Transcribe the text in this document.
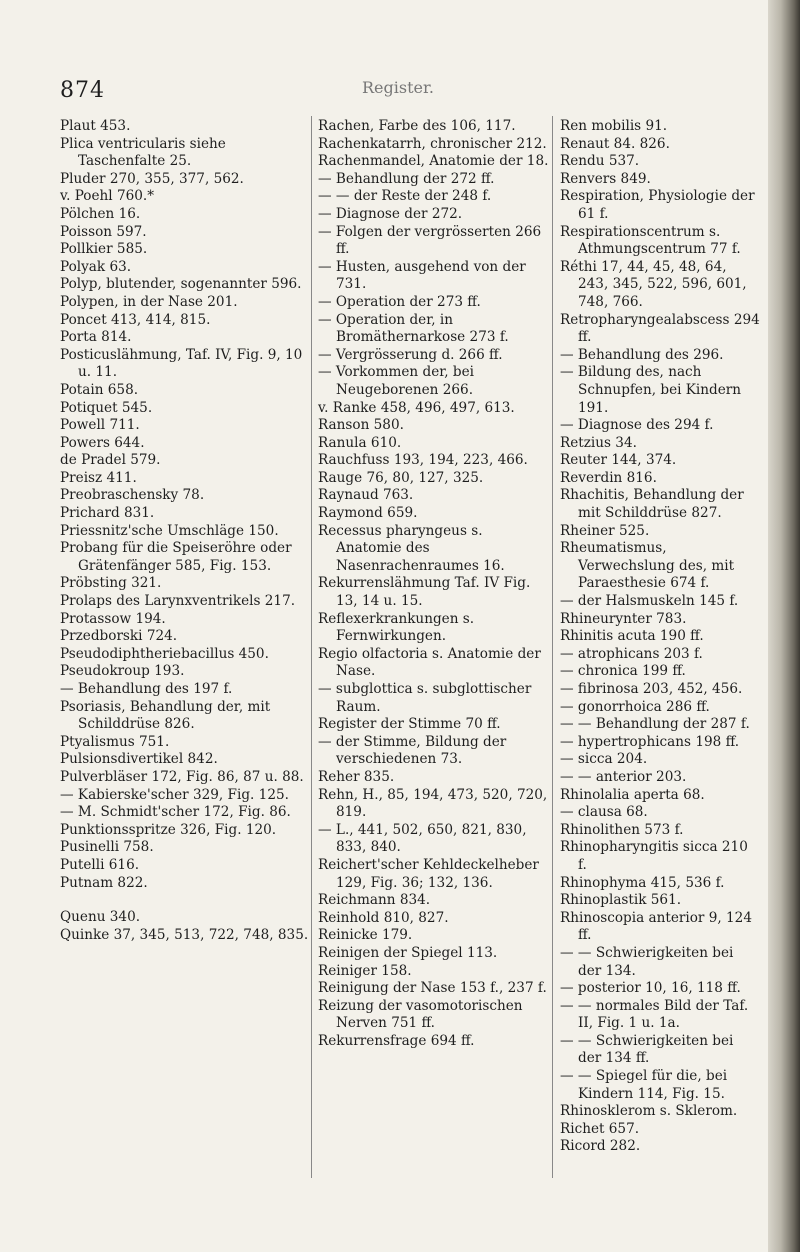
874	Register.

Plaut 453.

Plica ventricularis siehe Taschenfalte 25.

Pluder 270, 355, 377, 562.

v. Poehl 760.*

Pölchen 16.

Poisson 597.

Pollkier 585.

Polyak 63.

Polyp, blutender, sogenannter 596.

Polypen, in der Nase 201.

Poncet 413, 414, 815.

Porta 814.

Posticuslähmung, Taf. IV, Fig. 9, 10 u. 11.

Potain 658.

Potiquet 545.

Powell 711.

Powers 644.

de Pradel 579.

Preisz 411.

Preobraschensky 78.

Prichard 831.

Priessnitz'sche Umschläge 150.

Probang für die Speiseröhre oder Grätenfänger 585, Fig. 153.

Pröbsting 321.

Prolaps des Larynxventrikels 217.

Protassow 194.

Przedborski 724.

Pseudodiphtheriebacillus 450.

Pseudokroup 193.

— Behandlung des 197 f.

Psoriasis, Behandlung der, mit Schilddrüse 826.

Ptyalismus 751.

Pulsionsdivertikel 842.

Pulverbläser 172, Fig. 86, 87 u. 88.

— Kabierske'scher 329, Fig. 125.

— M. Schmidt'scher 172, Fig. 86.

Punktionsspritze 326, Fig. 120.

Pusinelli 758.

Putelli 616.

Putnam 822.

Quenu 340.

Quinke 37, 345, 513, 722, 748, 835.

Rachen, Farbe des 106, 117.

Rachenkatarrh, chronischer 212.

Rachenmandel, Anatomie der 18.

— Behandlung der 272 ff.

— — der Reste der 248 f.

— Diagnose der 272.

— Folgen der vergrösserten 266 ff.

— Husten, ausgehend von der 731.

— Operation der 273 ff.

— Operation der, in Bromäthernarkose 273 f.

— Vergrösserung d. 266 ff.

— Vorkommen der, bei Neugeborenen 266.

v. Ranke 458, 496, 497, 613.

Ranson 580.

Ranula 610.

Rauchfuss 193, 194, 223, 466.

Rauge 76, 80, 127, 325.

Raynaud 763.

Raymond 659.

Recessus pharyngeus s. Anatomie des Nasenrachenraumes 16.

Rekurrenslähmung Taf. IV Fig. 13, 14 u. 15.

Reflexerkrankungen s. Fernwirkungen.

Regio olfactoria s. Anatomie der Nase.

— subglottica s. subglottischer Raum.

Register der Stimme 70 ff.

— der Stimme, Bildung der verschiedenen 73.

Reher 835.

Rehn, H., 85, 194, 473, 520, 720, 819.

— L., 441, 502, 650, 821, 830, 833, 840.

Reichert'scher Kehldeckelheber 129, Fig. 36; 132, 136.

Reichmann 834.

Reinhold 810, 827.

Reinicke 179.

Reinigen der Spiegel 113.

Reiniger 158.

Reinigung der Nase 153 f., 237 f.

Reizung der vasomotorischen Nerven 751 ff.

Rekurrensfrage 694 ff.

Ren mobilis 91.

Renaut 84. 826.

Rendu 537.

Renvers 849.

Respiration, Physiologie der 61 f.

Respirationscentrum s. Athmungscentrum 77 f.

Réthi 17, 44, 45, 48, 64, 243, 345, 522, 596, 601, 748, 766.

Retropharyngealabscess 294 ff.

— Behandlung des 296.

— Bildung des, nach Schnupfen, bei Kindern 191.

— Diagnose des 294 f.

Retzius 34.

Reuter 144, 374.

Reverdin 816.

Rhachitis, Behandlung der mit Schilddrüse 827.

Rheiner 525.

Rheumatismus, Verwechslung des, mit Paraesthesie 674 f.

— der Halsmuskeln 145 f.

Rhineurynter 783.

Rhinitis acuta 190 ff.

— atrophicans 203 f.

— chronica 199 ff.

— fibrinosa 203, 452, 456.

— gonorrhoica 286 ff.

— — Behandlung der 287 f.

— hypertrophicans 198 ff.

— sicca 204.

— — anterior 203.

Rhinolalia aperta 68.

— clausa 68.

Rhinolithen 573 f.

Rhinopharyngitis sicca 210 f.

Rhinophyma 415, 536 f.

Rhinoplastik 561.

Rhinoscopia anterior 9, 124 ff.

— — Schwierigkeiten bei der 134.

— posterior 10, 16, 118 ff.

— — normales Bild der Taf. II, Fig. 1 u. 1a.

— — Schwierigkeiten bei der 134 ff.

— — Spiegel für die, bei Kindern 114, Fig. 15.

Rhinosklerom s. Sklerom.

Richet 657.

Ricord 282.
